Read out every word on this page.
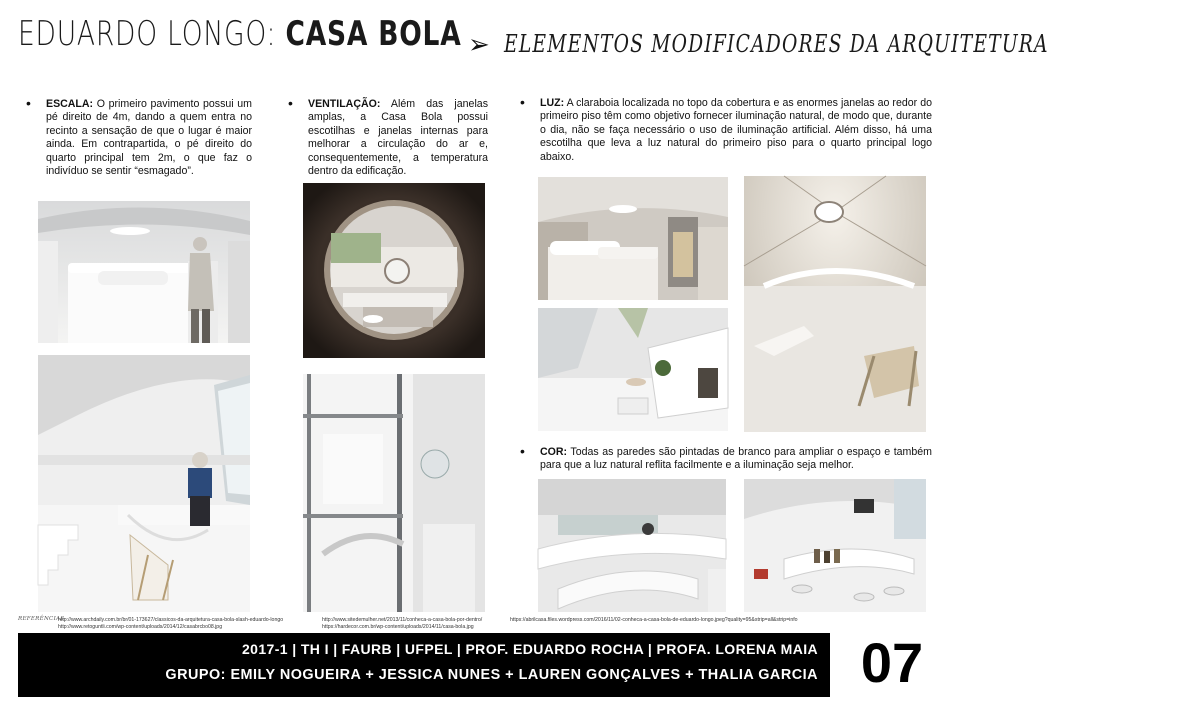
EDUARDO LONGO: CASA BOLA ➢ ELEMENTOS MODIFICADORES DA ARQUITETURA
• ESCALA: O primeiro pavimento possui um pé direito de 4m, dando a quem entra no recinto a sensação de que o lugar é maior ainda. Em contrapartida, o pé direito do quarto principal tem 2m, o que faz o indivíduo se sentir “esmagado”.
• VENTILAÇÃO: Além das janelas amplas, a Casa Bola possui escotilhas e janelas internas para melhorar a circulação do ar e, consequentemente, a temperatura dentro da edificação.
• LUZ: A claraboia localizada no topo da cobertura e as enormes janelas ao redor do primeiro piso têm como objetivo fornecer iluminação natural, de modo que, durante o dia, não se faça necessário o uso de iluminação artificial. Além disso, há uma escotilha que leva a luz natural do primeiro piso para o quarto principal logo abaixo.
• COR: Todas as paredes são pintadas de branco para ampliar o espaço e também para que a luz natural reflita facilmente e a iluminação seja melhor.
REFERÊNCIAS
http://www.archdaily.com.br/br/01-173627/classicos-da-arquitetura-casa-bola-slash-eduardo-longo
http://www.retoguntli.com/wp-content/uploads/2014/12/casabrcbo08.jpg
http://www.sitedemulher.net/2013/11/conheca-a-casa-bola-por-dentro/
https://hardecor.com.br/wp-content/uploads/2014/11/casa-bola.jpg
https://abrilcasa.files.wordpress.com/2016/11/02-conheca-a-casa-bola-de-eduardo-longo.jpeg?quality=95&strip=all&strip=info
2017-1 | TH I | FAURB | UFPEL | PROF. EDUARDO ROCHA | PROFA. LORENA MAIA
GRUPO: EMILY NOGUEIRA + JESSICA NUNES + LAUREN GONÇALVES + THALIA GARCIA 07
